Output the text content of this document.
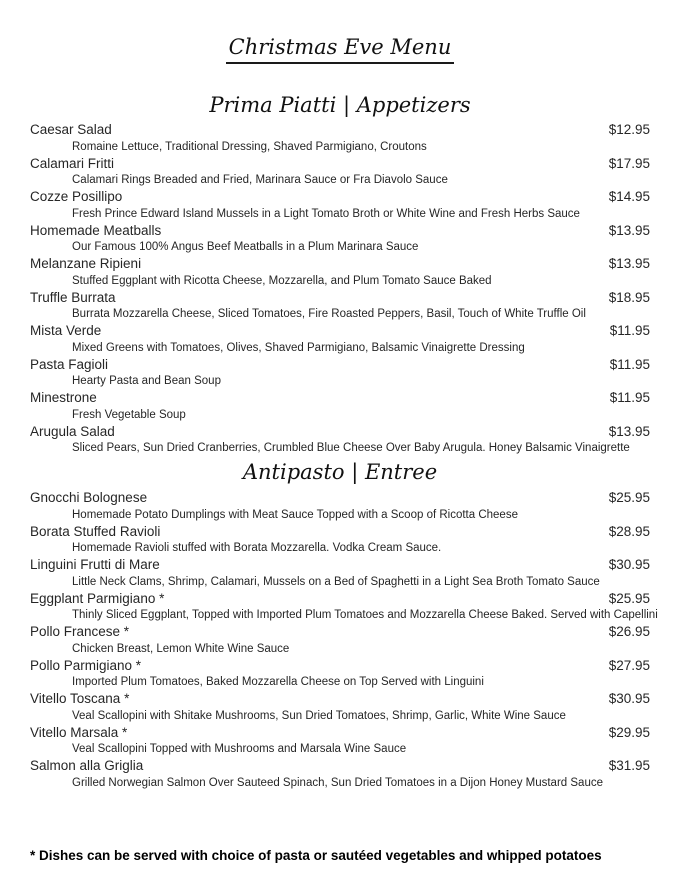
Christmas Eve Menu
Prima Piatti | Appetizers
Caesar Salad	$12.95
Romaine Lettuce, Traditional Dressing, Shaved Parmigiano, Croutons
Calamari Fritti	$17.95
Calamari Rings Breaded and Fried, Marinara Sauce or Fra Diavolo Sauce
Cozze Posillipo	$14.95
Fresh Prince Edward Island Mussels in a Light Tomato Broth or White Wine and Fresh Herbs Sauce
Homemade Meatballs	$13.95
Our Famous 100% Angus Beef Meatballs in a Plum Marinara Sauce
Melanzane Ripieni	$13.95
Stuffed Eggplant with Ricotta Cheese, Mozzarella, and Plum Tomato Sauce Baked
Truffle Burrata	$18.95
Burrata Mozzarella Cheese, Sliced Tomatoes, Fire Roasted Peppers, Basil, Touch of White Truffle Oil
Mista Verde	$11.95
Mixed Greens with Tomatoes, Olives, Shaved Parmigiano, Balsamic Vinaigrette Dressing
Pasta Fagioli	$11.95
Hearty Pasta and Bean Soup
Minestrone	$11.95
Fresh Vegetable Soup
Arugula Salad	$13.95
Sliced Pears, Sun Dried Cranberries, Crumbled Blue Cheese Over Baby Arugula. Honey Balsamic Vinaigrette
Antipasto | Entree
Gnocchi Bolognese	$25.95
Homemade Potato Dumplings with Meat Sauce Topped with a Scoop of Ricotta Cheese
Borata Stuffed Ravioli	$28.95
Homemade Ravioli stuffed with Borata Mozzarella. Vodka Cream Sauce.
Linguini Frutti di Mare	$30.95
Little Neck Clams, Shrimp, Calamari, Mussels on a Bed of Spaghetti in a Light Sea Broth Tomato Sauce
Eggplant Parmigiano *	$25.95
Thinly Sliced Eggplant, Topped with Imported Plum Tomatoes and Mozzarella Cheese Baked. Served with Capellini
Pollo Francese *	$26.95
Chicken Breast, Lemon White Wine Sauce
Pollo Parmigiano *	$27.95
Imported Plum Tomatoes, Baked Mozzarella Cheese on Top Served with Linguini
Vitello Toscana *	$30.95
Veal Scallopini with Shitake Mushrooms, Sun Dried Tomatoes, Shrimp, Garlic, White Wine Sauce
Vitello Marsala *	$29.95
Veal Scallopini Topped with Mushrooms and Marsala Wine Sauce
Salmon alla Griglia	$31.95
Grilled Norwegian Salmon Over Sauteed Spinach, Sun Dried Tomatoes in a Dijon Honey Mustard Sauce
* Dishes can be served with choice of pasta or sautéed vegetables and whipped potatoes
